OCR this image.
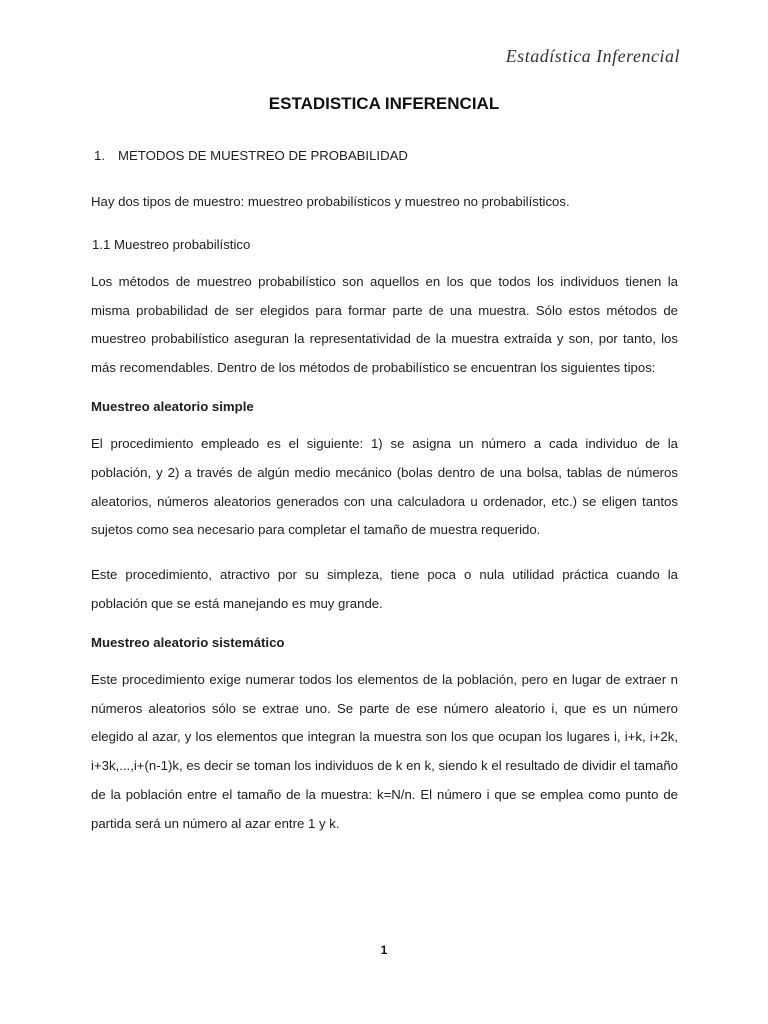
Estadística Inferencial
ESTADISTICA INFERENCIAL

1. METODOS DE MUESTREO DE PROBABILIDAD

Hay dos tipos de muestro: muestreo probabilísticos y muestreo no probabilísticos.

1.1 Muestreo probabilístico

Los métodos de muestreo probabilístico son aquellos en los que todos los individuos tienen la misma probabilidad de ser elegidos para formar parte de una muestra. Sólo estos métodos de muestreo probabilístico aseguran la representatividad de la muestra extraída y son, por tanto, los más recomendables. Dentro de los métodos de probabilístico se encuentran los siguientes tipos:

Muestreo aleatorio simple

El procedimiento empleado es el siguiente: 1) se asigna un número a cada individuo de la población, y 2) a través de algún medio mecánico (bolas dentro de una bolsa, tablas de números aleatorios, números aleatorios generados con una calculadora u ordenador, etc.) se eligen tantos sujetos como sea necesario para completar el tamaño de muestra requerido.

Este procedimiento, atractivo por su simpleza, tiene poca o nula utilidad práctica cuando la población que se está manejando es muy grande.

Muestreo aleatorio sistemático

Este procedimiento exige numerar todos los elementos de la población, pero en lugar de extraer n números aleatorios sólo se extrae uno. Se parte de ese número aleatorio i, que es un número elegido al azar, y los elementos que integran la muestra son los que ocupan los lugares i, i+k, i+2k, i+3k,...,i+(n-1)k, es decir se toman los individuos de k en k, siendo k el resultado de dividir el tamaño de la población entre el tamaño de la muestra: k=N/n. El número i que se emplea como punto de partida será un número al azar entre 1 y k.

1
